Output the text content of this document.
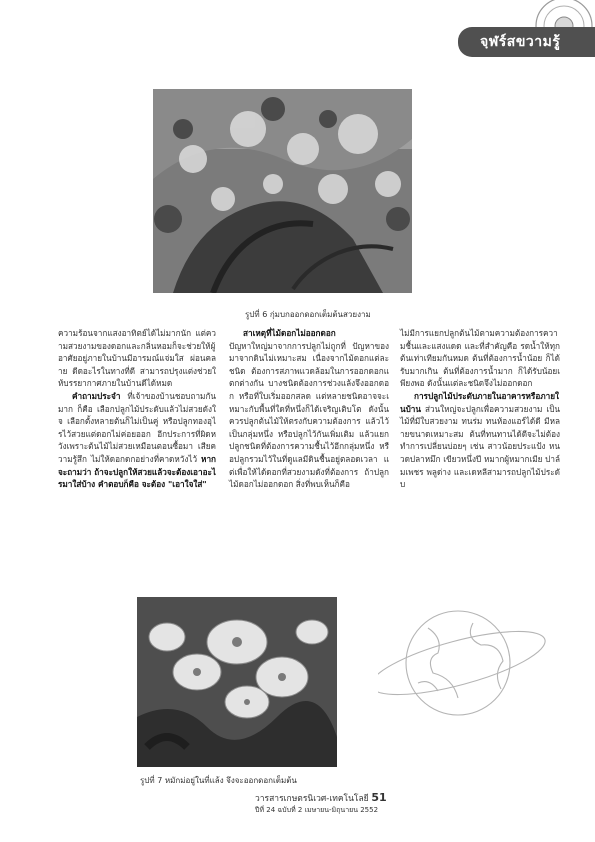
จฺฬร์สขวามรู้
รูปที่ 6 กุ่มบกออกดอกเต็มต้นสวยงาม

ความร้อนจากแสงอาทิตย์ได้ไม่มากนัก แต่ความสวยงามของดอกและกลิ่นหอมก็จะช่วยให้ผู้อาศัยอยู่ภายในบ้านมีอารมณ์แจ่มใส ผ่อนคลาย ดีดอะไรในทางที่ดี สามารถปรุงแต่งช่วยให้บรรยากาศภายในบ้านดีได้หมด

คำถามประจำ ที่เจ้าของบ้านชอบถามกันมาก ก็คือ เลือกปลูกไม้ประดับแล้วไม่สวยดังใจ เลือกตั้งหลายต้นก็ไม่เป็นคู่ หรือปลูกทองอุไรไว้สวยแต่ดอกไม่ค่อยออก อีกประการที่ผิดหวังเพราะต้นไม้ไม่สวยเหมือนตอนซื้อมา เสียความรู้สึก ไม่ให้ดอกดกอย่างที่คาดหวังไว้ หากจะถามว่า ถ้าจะปลูกให้สวยแล้วจะต้องเอาอะไรมาใส่บ้าง คำตอบก็คือ จะต้อง "เอาใจใส่"

สาเหตุที่ไม้ดอกไม่ออกดอก

ปัญหาใหญ่มาจากการปลูกไม่ถูกที่ ปัญหาของมาจากดินไม่เหมาะสม เนื่องจากไม้ดอกแต่ละชนิด ต้องการสภาพแวดล้อมในการออกดอกแตกต่างกัน บางชนิดต้องการช่วงแล้งจึงออกดอก หรือที่ใบเริ่มออกสลด แต่หลายชนิดอาจจะเหมาะกับพื้นที่ใดที่หนึ่งก็ได้เจริญเติบโต ดังนั้นควรปลูกต้นไม้ให้ตรงกับความต้องการ แล้วไว้เป็นกลุ่มหนึ่ง หรือปลูกไว้กันเพิ่มเติม แล้วแยกปลูกชนิดที่ต้องการความชื้นไว้อีกกลุ่มหนึ่ง หรือปลูกรวมไว้ในที่ดูแลมีดินชื้นอยู่ตลอดเวลา แต่เพื่อให้ได้ดอกที่สวยงามดังที่ต้องการ ถ้าปลูกไม้ดอกไม่ออกดอก สิ่งที่พบเห็นก็คือ

ไม่มีการแยกปลูกต้นไม้ตามความต้องการความชื้นและแสงแดด และที่สำคัญคือ รดน้ำให้ทุกต้นเท่าเทียมกันหมด ต้นที่ต้องการน้ำน้อย ก็ได้รับมากเกิน ต้นที่ต้องการน้ำมาก ก็ได้รับน้อยเพียงพอ ดังนั้นแต่ละชนิดจึงไม่ออกดอก

การปลูกไม้ประดับภายในอาคารหรือภายในบ้าน ส่วนใหญ่จะปลูกเพื่อความสวยงาม เป็นไม้ที่มีใบสวยงาม ทนร่ม ทนห้องแอร์ได้ดี มีหลายขนาดเหมาะสม ต้นที่ทนทานได้ดีจะไม่ต้องทำการเปลี่ยนบ่อยๆ เช่น สาวน้อยประแป้ง หนวดปลาหมึก เขียวหนึ่งปี หมากผู้หมากเมีย ปาล์มเพชร พลูด่าง และเดหลีสามารถปลูกไม้ประดับ

รูปที่ 7 หมักม่อยู่ในที่แล้ง จึงจะออกดอกเต็มต้น
วารสารเกษตรนิเวศ-เทคโนโลยี 51
ปีที่ 24 ฉบับที่ 2 เมษายน-มิถุนายน 2552
